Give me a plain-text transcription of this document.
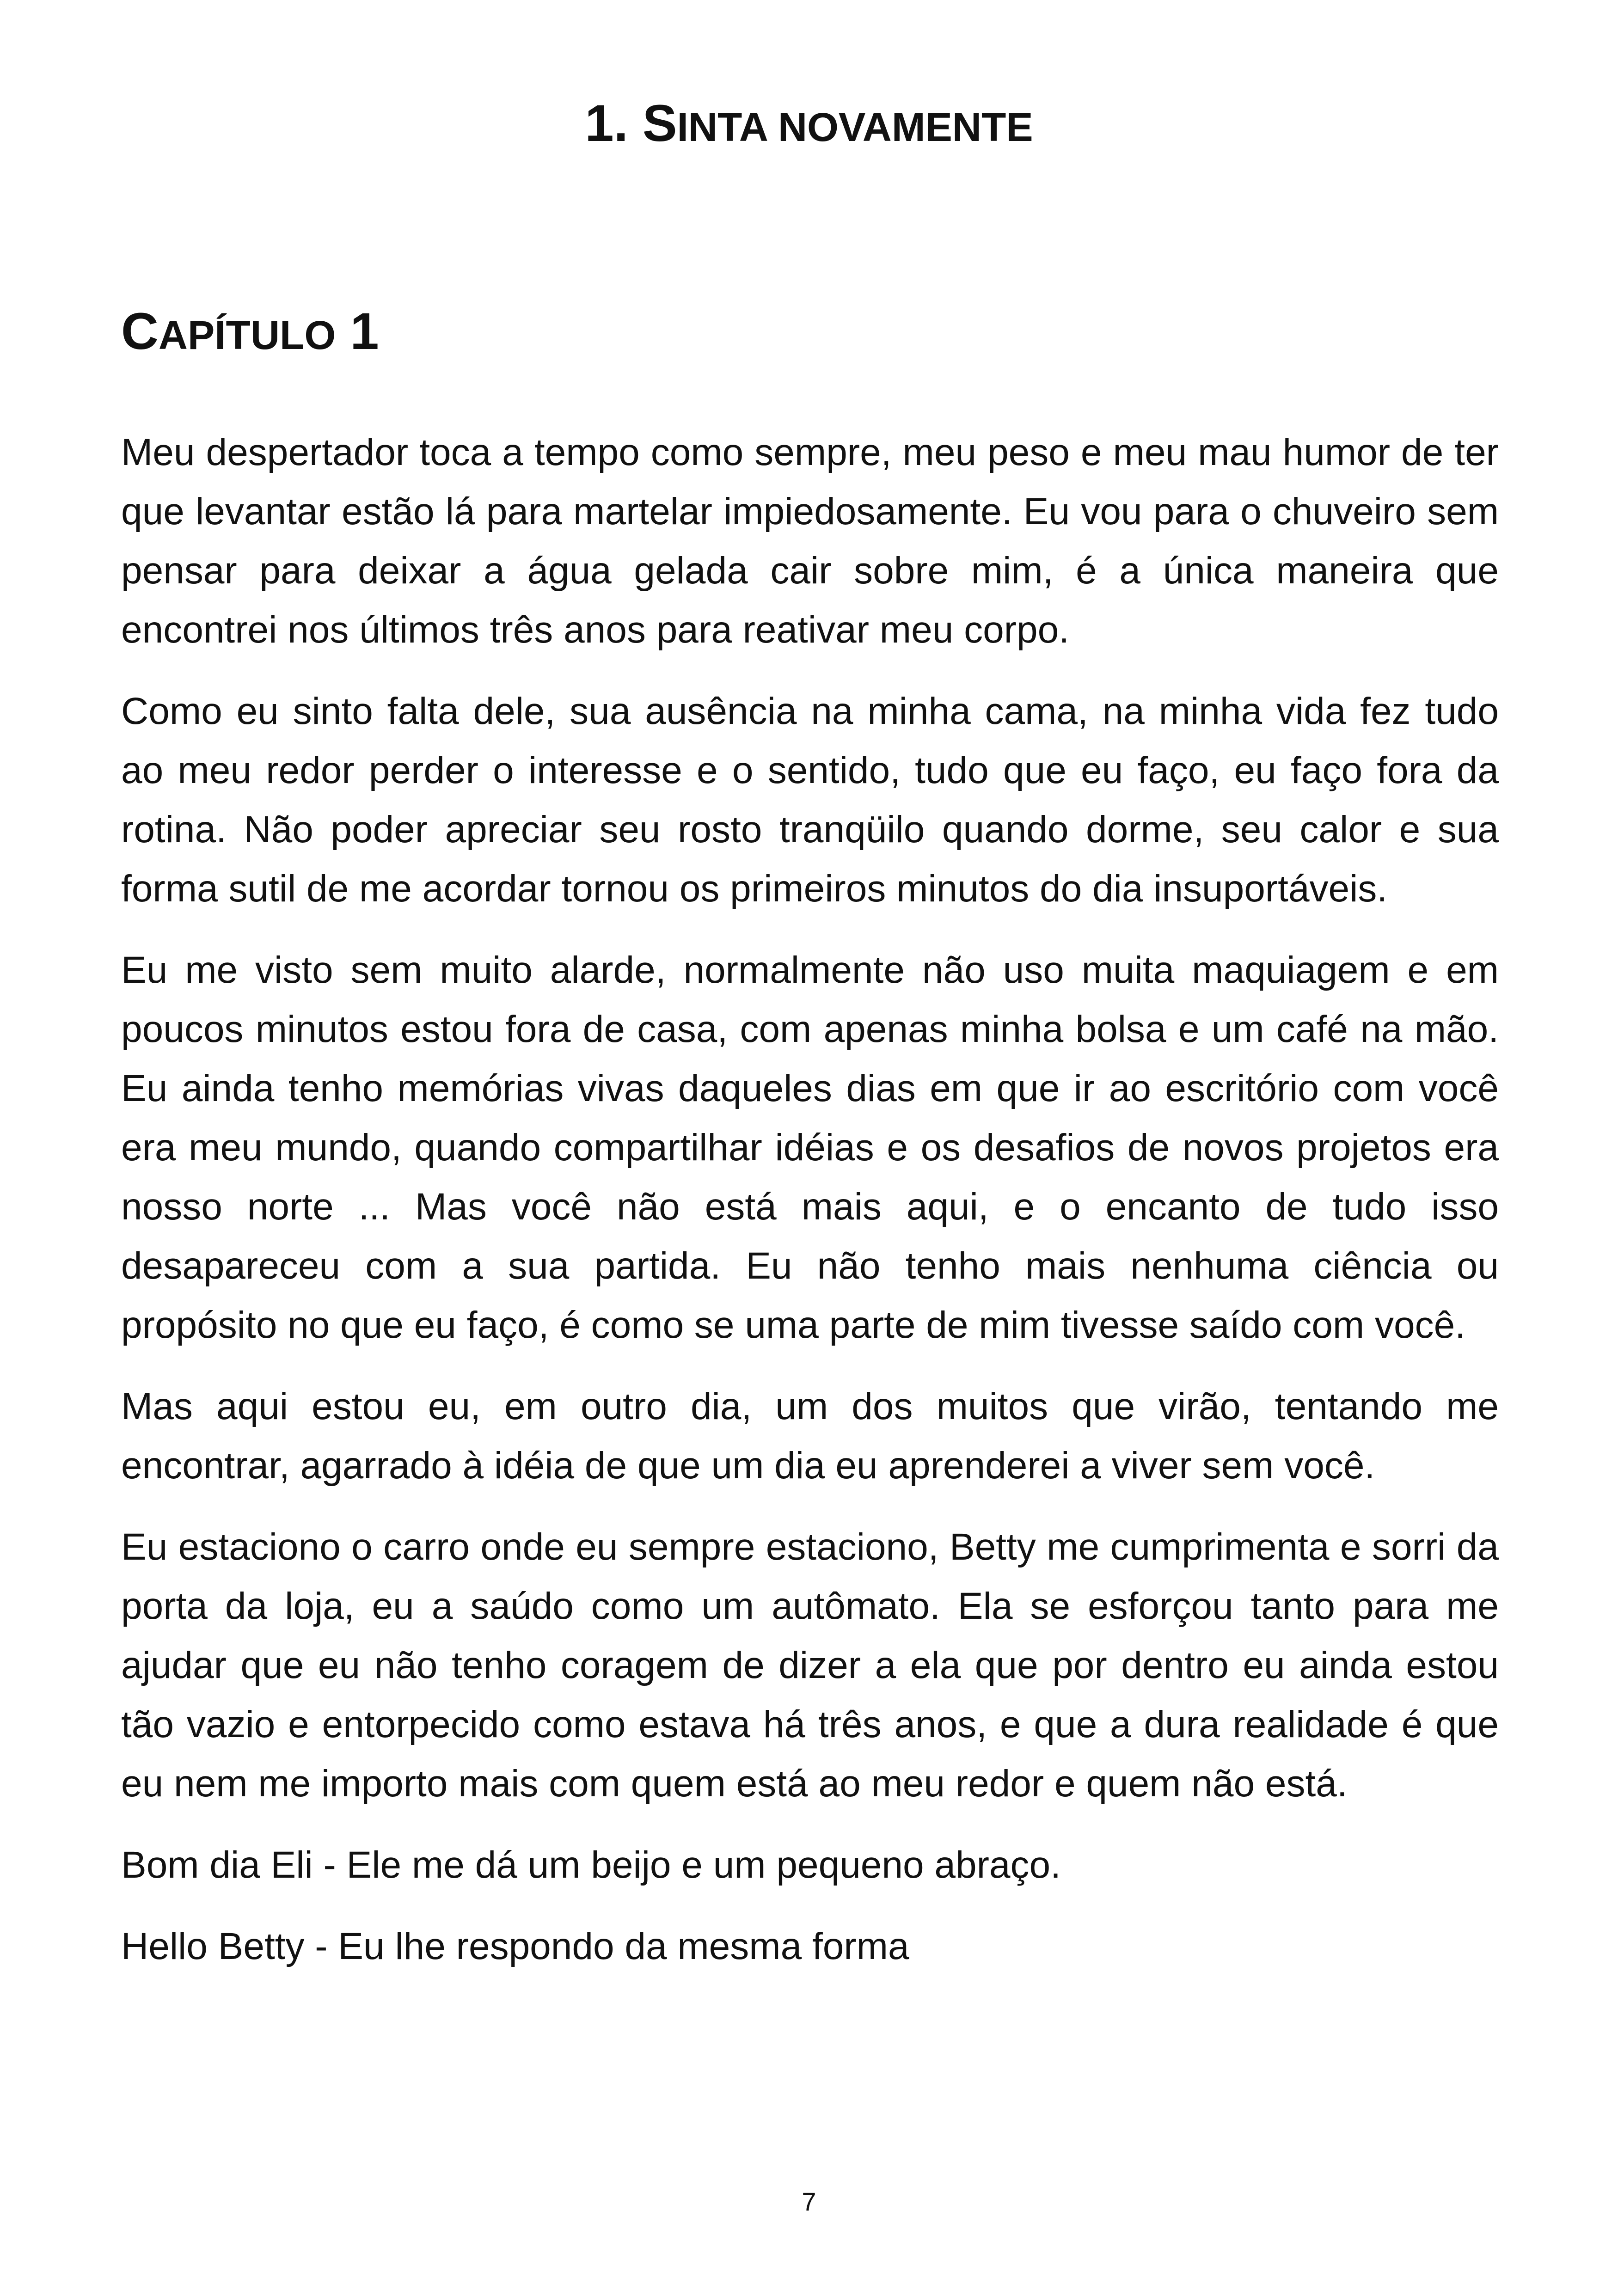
1. SINTA NOVAMENTE
CAPÍTULO 1

Meu despertador toca a tempo como sempre, meu peso e meu mau humor de ter que levantar estão lá para martelar impiedosamente. Eu vou para o chuveiro sem pensar para deixar a água gelada cair sobre mim, é a única maneira que encontrei nos últimos três anos para reativar meu corpo.

Como eu sinto falta dele, sua ausência na minha cama, na minha vida fez tudo ao meu redor perder o interesse e o sentido, tudo que eu faço, eu faço fora da rotina. Não poder apreciar seu rosto tranqüilo quando dorme, seu calor e sua forma sutil de me acordar tornou os primeiros minutos do dia insuportáveis.

Eu me visto sem muito alarde, normalmente não uso muita maquiagem e em poucos minutos estou fora de casa, com apenas minha bolsa e um café na mão. Eu ainda tenho memórias vivas daqueles dias em que ir ao escritório com você era meu mundo, quando compartilhar idéias e os desafios de novos projetos era nosso norte ... Mas você não está mais aqui, e o encanto de tudo isso desapareceu com a sua partida. Eu não tenho mais nenhuma ciência ou propósito no que eu faço, é como se uma parte de mim tivesse saído com você.

Mas aqui estou eu, em outro dia, um dos muitos que virão, tentando me encontrar, agarrado à idéia de que um dia eu aprenderei a viver sem você.

Eu estaciono o carro onde eu sempre estaciono, Betty me cumprimenta e sorri da porta da loja, eu a saúdo como um autômato. Ela se esforçou tanto para me ajudar que eu não tenho coragem de dizer a ela que por dentro eu ainda estou tão vazio e entorpecido como estava há três anos, e que a dura realidade é que eu nem me importo mais com quem está ao meu redor e quem não está.

Bom dia Eli - Ele me dá um beijo e um pequeno abraço.

Hello Betty - Eu lhe respondo da mesma forma

7
